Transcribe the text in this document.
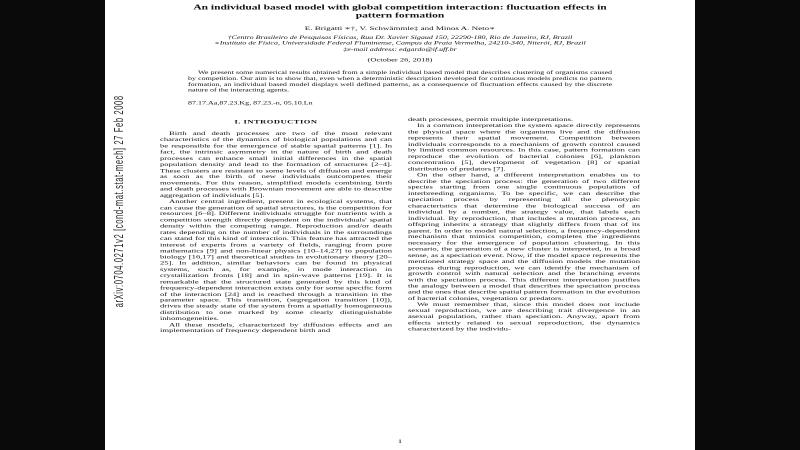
arXiv:0704.0271v2 [cond-mat.stat-mech] 27 Feb 2008
An individual based model with global competition interaction: fluctuation effects in pattern formation
E. Brigatti ∗†, V. Schwämmle‡ and Minos A. Neto∗
†Centro Brasileiro de Pesquisas Físicas, Rua Dr. Xavier Sigaud 150, 22290-180, Rio de Janeiro, RJ, Brazil
∗Instituto de Física, Universidade Federal Fluminense, Campus da Praia Vermelha, 24210-340, Niterói, RJ, Brazil
‡e-mail address: edgardo@if.uff.br
(October 26, 2018)
We present some numerical results obtained from a simple individual based model that describes clustering of organisms caused by competition. Our aim is to show that, even when a deterministic description developed for continuous models predicts no pattern formation, an individual based model displays well defined patterns, as a consequence of fluctuation effects caused by the discrete nature of the interacting agents.
87.17.Aa,87.23.Kg, 87.23.-n, 05.10.Ln
I. INTRODUCTION

Birth and death processes are two of the most relevant characteristics of the dynamics of biological populations and can be responsible for the emergence of stable spatial patterns [1]. In fact, the intrinsic asymmetry in the nature of birth and death processes can enhance small initial differences in the spatial population density and lead to the formation of structures [2–4]. These clusters are resistant to some levels of diffusion and emerge as soon as the birth of new individuals outcompetes their movements. For this reason, simplified models combining birth and death processes with Brownian movement are able to describe aggregation of individuals [5].

Another central ingredient, present in ecological systems, that can cause the generation of spatial structures, is the competition for resources [6–8]. Different individuals struggle for nutrients with a competition strength directly dependent on the individuals' spatial density within the competing range. Reproduction and/or death rates depending on the number of individuals in the surroundings can stand for this kind of interaction. This feature has attracted the interest of experts from a variety of fields, ranging from pure mathematics [9] and non-linear physics [10–14,27] to population biology [16,17] and theoretical studies in evolutionary theory [20–25]. In addition, similar behaviors can be found in physical systems, such as, for example, in mode interaction in crystallization fronts [18] and in spin-wave patterns [19]. It is remarkable that the structured state generated by this kind of frequency-dependent interaction exists only for some specific form of the interaction [24] and is reached through a transition in the parameter space. This transition, (segregation transition [10]), drives the steady state of the system from a spatially homogeneous distribution to one marked by some clearly distinguishable inhomogeneities.

All these models, characterized by diffusion effects and an implementation of frequency dependent birth and

death processes, permit multiple interpretations.

In a common interpretation the system space directly represents the physical space where the organisms live and the diffusion represents their spatial movement. Competition between individuals corresponds to a mechanism of growth control caused by limited common resources. In this case, pattern formation can reproduce the evolution of bacterial colonies [6], plankton concentration [5], development of vegetation [8] or spatial distribution of predators [7].

On the other hand, a different interpretation enables us to describe the speciation process: the generation of two different species starting from one single continuous population of interbreeding organisms. To be specific, we can describe the speciation process by representing all the phenotypic characteristics that determine the biological success of an individual by a number, the strategy value, that labels each individual. By reproduction, that includes a mutation process, an offspring inherits a strategy that slightly differs from that of its parent. In order to model natural selection, a frequency-dependent mechanism that mimics competition, completes the ingredients necessary for the emergence of population clustering. In this scenario, the generation of a new cluster is interpreted, in a broad sense, as a speciation event. Now, if the model space represents the mentioned strategy space and the diffusion models the mutation process during reproduction, we can identify the mechanism of growth control with natural selection and the branching events with the speciation process. This different interpretation justifies the analogy between a model that describes the speciation process and the ones that describe spatial pattern formation in the evolution of bacterial colonies, vegetation or predators.

We must remember that, since this model does not include sexual reproduction, we are describing trait divergence in an asexual population, rather than speciation. Anyway, apart from effects strictly related to sexual reproduction, the dynamics characterized by the individu-

1
